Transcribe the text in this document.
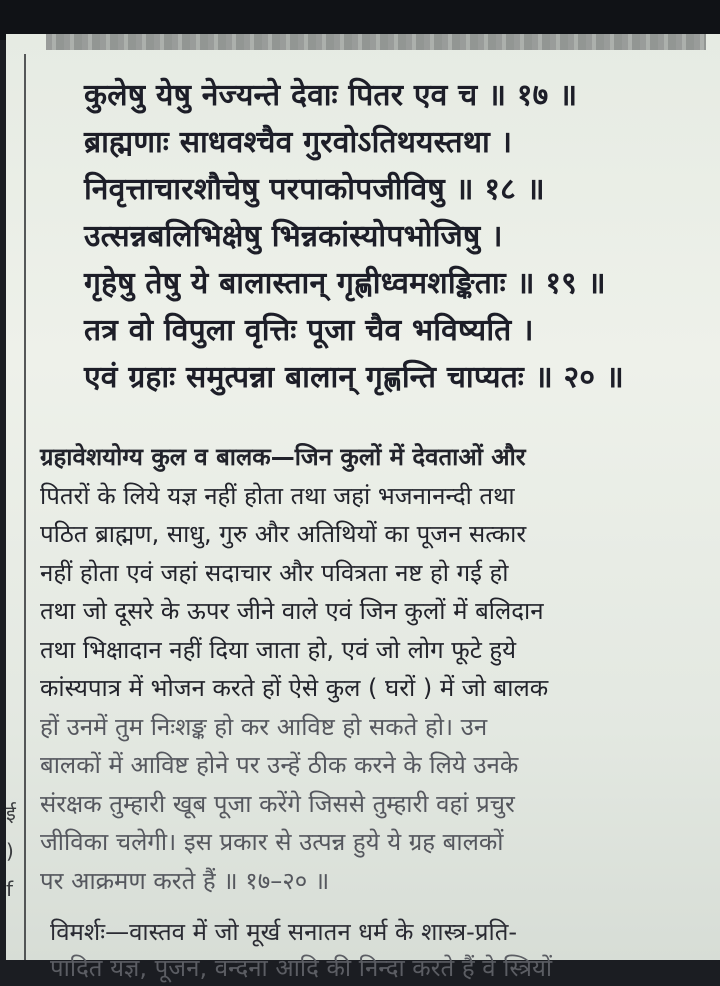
ई
)
f
कुलेषु येषु नेज्यन्ते देवाः पितर एव च ॥ १७ ॥
ब्राह्मणाः साधवश्चैव गुरवोऽतिथयस्तथा ।
निवृत्ताचारशौचेषु परपाकोपजीविषु ॥ १८ ॥
उत्सन्नबलिभिक्षेषु भिन्नकांस्योपभोजिषु ।
गृहेषु तेषु ये बालास्तान् गृह्णीध्वमशङ्किताः ॥ १९ ॥
तत्र वो विपुला वृत्तिः पूजा चैव भविष्यति ।
एवं ग्रहाः समुत्पन्ना बालान् गृह्णन्ति चाप्यतः ॥ २० ॥
ग्रहावेशयोग्य कुल व बालक—जिन कुलों में देवताओं और
पितरों के लिये यज्ञ नहीं होता तथा जहां भजनानन्दी तथा
पठित ब्राह्मण, साधु, गुरु और अतिथियों का पूजन सत्कार
नहीं होता एवं जहां सदाचार और पवित्रता नष्ट हो गई हो
तथा जो दूसरे के ऊपर जीने वाले एवं जिन कुलों में बलिदान
तथा भिक्षादान नहीं दिया जाता हो, एवं जो लोग फूटे हुये
कांस्यपात्र में भोजन करते हों ऐसे कुल ( घरों ) में जो बालक
हों उनमें तुम निःशङ्क हो कर आविष्ट हो सकते हो। उन
बालकों में आविष्ट होने पर उन्हें ठीक करने के लिये उनके
संरक्षक तुम्हारी खूब पूजा करेंगे जिससे तुम्हारी वहां प्रचुर
जीविका चलेगी। इस प्रकार से उत्पन्न हुये ये ग्रह बालकों
पर आक्रमण करते हैं ॥ १७–२० ॥
विमर्शः—वास्तव में जो मूर्ख सनातन धर्म के शास्त्र-प्रति-
पादित यज्ञ, पूजन, वन्दना आदि की निन्दा करते हैं वे स्त्रियों
